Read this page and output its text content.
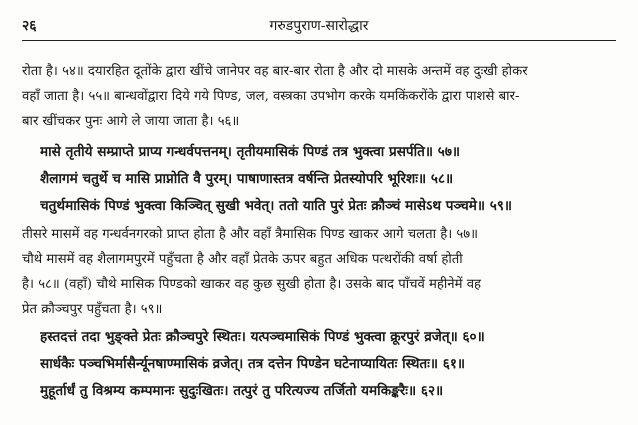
२६	गरुडपुराण-सारोद्धार
रोता है। ५४॥ दयारहित दूतोंके द्वारा खींचे जानेपर वह बार-बार रोता है और दो मासके अन्तमें वह दुःखी होकर
वहाँ जाता है। ५५॥ बान्धवोंद्वारा दिये गये पिण्ड, जल, वस्त्रका उपभोग करके यमकिंकरोंके द्वारा पाशसे बार-
बार खींचकर पुनः आगे ले जाया जाता है। ५६॥
मासे तृतीये सम्प्राप्ते प्राप्य गन्धर्वपत्तनम्। तृतीयमासिकं पिण्डं तत्र भुक्त्वा प्रसर्पति॥ ५७॥
शैलागमं चतुर्थे च मासि प्राप्नोति वै पुरम्। पाषाणास्तत्र वर्षन्ति प्रेतस्योपरि भूरिशः॥ ५८॥
चतुर्थमासिकं पिण्डं भुक्त्वा किञ्चित् सुखी भवेत्। ततो याति पुरं प्रेतः क्रौञ्चं मासेऽथ पञ्चमे॥ ५९॥
तीसरे मासमें वह गन्धर्वनगरको प्राप्त होता है और वहाँ त्रैमासिक पिण्ड खाकर आगे चलता है। ५७॥
चौथे मासमें वह शैलागमपुरमें पहुँचता है और वहाँ प्रेतके ऊपर बहुत अधिक पत्थरोंकी वर्षा होती
है। ५८॥ (वहाँ) चौथे मासिक पिण्डको खाकर वह कुछ सुखी होता है। उसके बाद पाँचवें महीनेमें वह
प्रेत क्रौञ्चपुर पहुँचता है। ५९॥
हस्तदत्तं तदा भुङ्क्ते प्रेतः क्रौञ्चपुरे स्थितः। यत्पञ्चमासिकं पिण्डं भुक्त्वा क्रूरपुरं व्रजेत्॥ ६०॥
सार्धकैः पञ्चभिर्मासैर्न्यूनषाण्मासिकं व्रजेत्। तत्र दत्तेन पिण्डेन घटेनाप्यायितः स्थितः॥ ६१॥
मुहूर्तार्धं तु विश्रम्य कम्पमानः सुदुःखितः। तत्पुरं तु परित्यज्य तर्जितो यमकिङ्करैः॥ ६२॥
